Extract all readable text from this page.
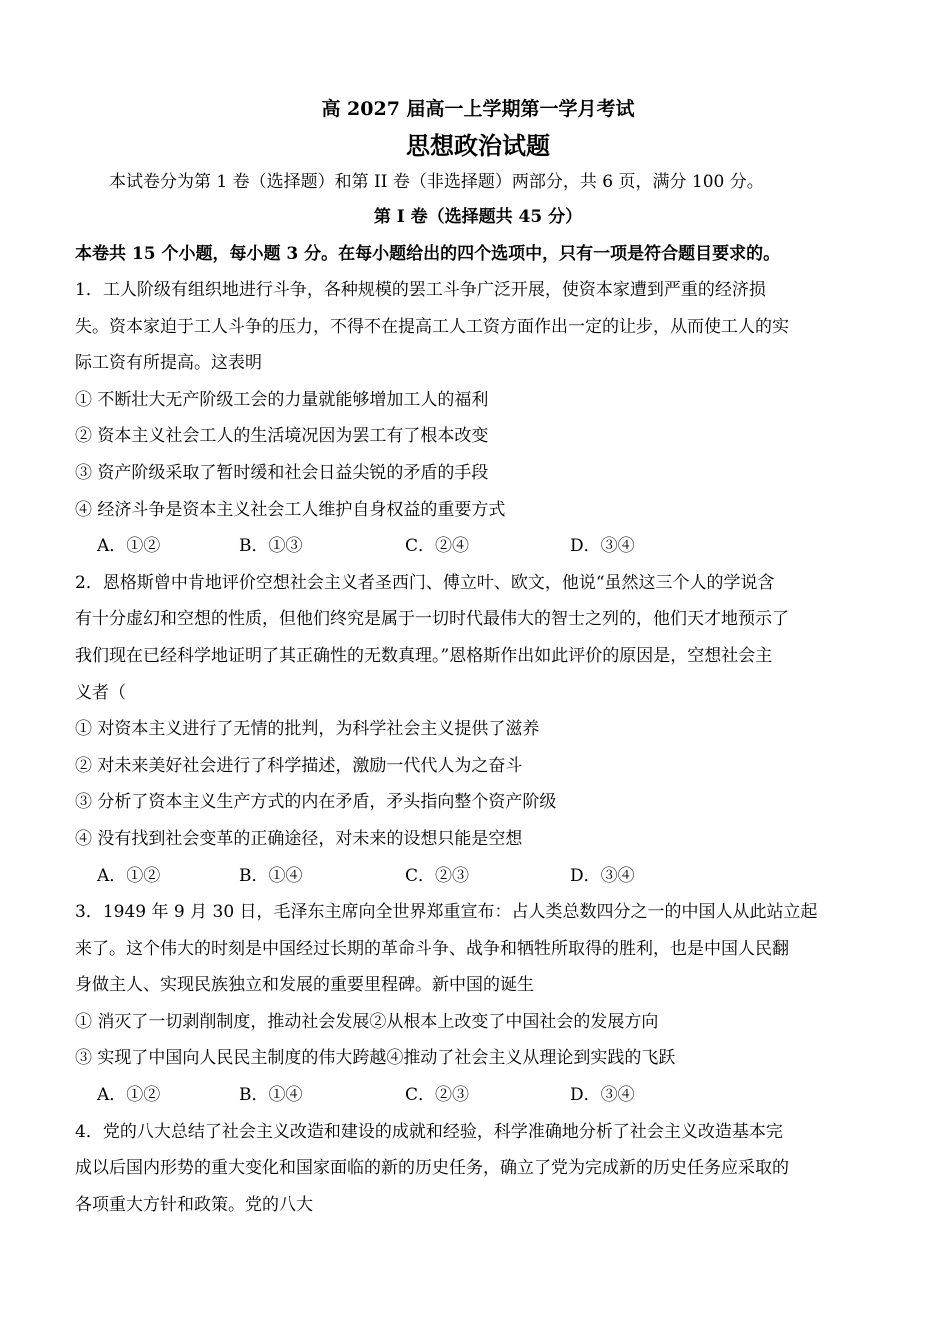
高 2027 届高一上学期第一学月考试
思想政治试题
本试卷分为第 1 卷（选择题）和第 II 卷（非选择题）两部分，共 6 页，满分 100 分。
第 I 卷（选择题共 45 分）
本卷共 15 个小题，每小题 3 分。在每小题给出的四个选项中，只有一项是符合题目要求的。
1．工人阶级有组织地进行斗争，各种规模的罢工斗争广泛开展，使资本家遭到严重的经济损
失。资本家迫于工人斗争的压力，不得不在提高工人工资方面作出一定的让步，从而使工人的实
际工资有所提高。这表明
① 不断壮大无产阶级工会的力量就能够增加工人的福利
② 资本主义社会工人的生活境况因为罢工有了根本改变
③ 资产阶级采取了暂时缓和社会日益尖锐的矛盾的手段
④ 经济斗争是资本主义社会工人维护自身权益的重要方式
A．①②	B．①③	C．②④	D．③④
2．恩格斯曾中肯地评价空想社会主义者圣西门、傅立叶、欧文，他说“虽然这三个人的学说含
有十分虚幻和空想的性质，但他们终究是属于一切时代最伟大的智士之列的，他们天才地预示了
我们现在已经科学地证明了其正确性的无数真理。”恩格斯作出如此评价的原因是，空想社会主
义者（
① 对资本主义进行了无情的批判，为科学社会主义提供了滋养
② 对未来美好社会进行了科学描述，激励一代代人为之奋斗
③ 分析了资本主义生产方式的内在矛盾，矛头指向整个资产阶级
④ 没有找到社会变革的正确途径，对未来的设想只能是空想
A．①②	B．①④	C．②③	D．③④
3．1949 年 9 月 30 日，毛泽东主席向全世界郑重宣布：占人类总数四分之一的中国人从此站立起
来了。这个伟大的时刻是中国经过长期的革命斗争、战争和牺牲所取得的胜利，也是中国人民翻
身做主人、实现民族独立和发展的重要里程碑。新中国的诞生
① 消灭了一切剥削制度，推动社会发展②从根本上改变了中国社会的发展方向
③ 实现了中国向人民民主制度的伟大跨越④推动了社会主义从理论到实践的飞跃
A．①②	B．①④	C．②③	D．③④
4．党的八大总结了社会主义改造和建设的成就和经验，科学准确地分析了社会主义改造基本完
成以后国内形势的重大变化和国家面临的新的历史任务，确立了党为完成新的历史任务应采取的
各项重大方针和政策。党的八大
